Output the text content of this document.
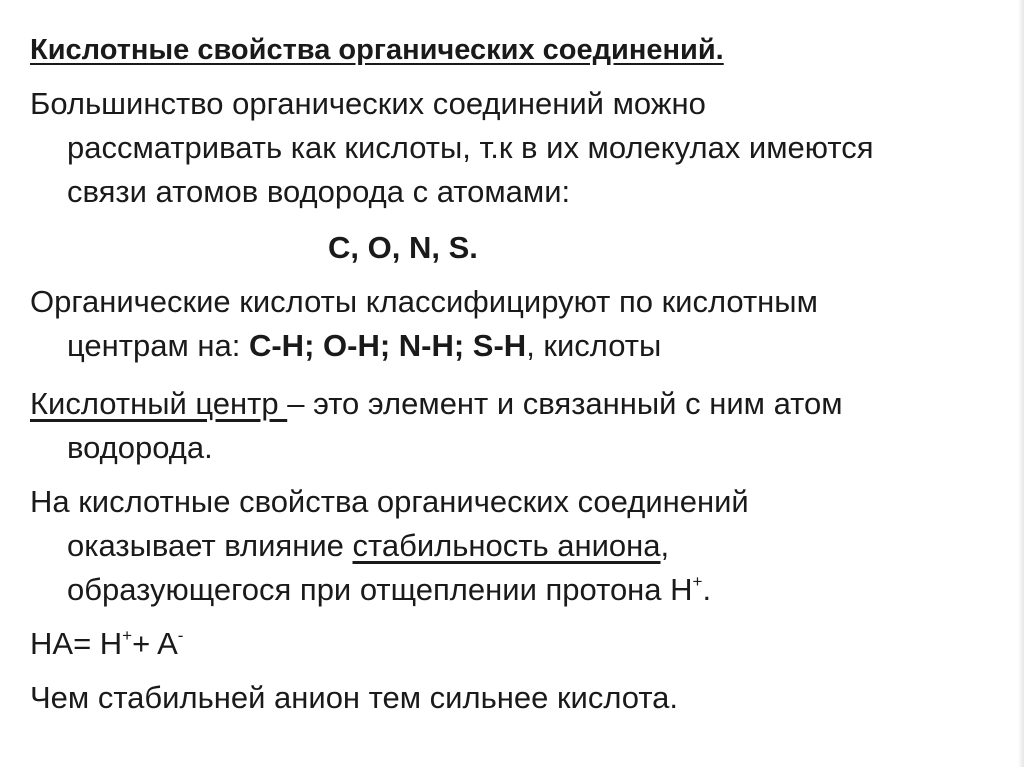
Кислотные свойства органических соединений.
Большинство органических соединений можно
рассматривать как кислоты, т.к в их молекулах имеются
связи атомов водорода с атомами:
C, O, N, S.
Органические кислоты классифицируют по кислотным
центрам на: C-H; O-H; N-H; S-H, кислоты
Кислотный центр – это элемент и связанный с ним атом
водорода.
На кислотные свойства органических соединений
оказывает влияние стабильность аниона,
образующегося при отщеплении протона H+.
HA= H++ A-
Чем стабильней анион тем сильнее кислота.
